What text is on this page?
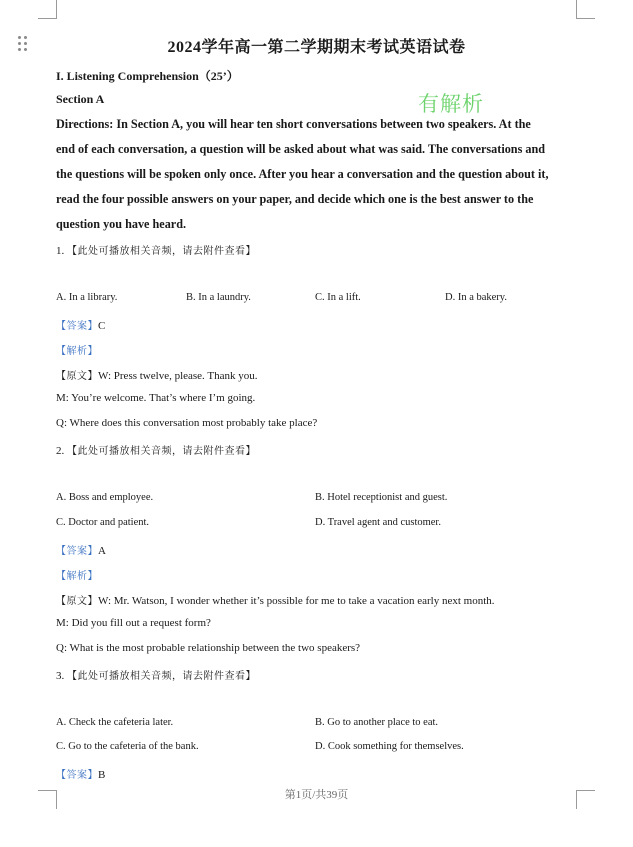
2024学年高一第二学期期末考试英语试卷
I. Listening Comprehension（25’）
Section A	有解析
Directions: In Section A, you will hear ten short conversations between two speakers. At the
end of each conversation, a question will be asked about what was said. The conversations and
the questions will be spoken only once. After you hear a conversation and the question about it,
read the four possible answers on your paper, and decide which one is the best answer to the
question you have heard.
1. 【此处可播放相关音频，请去附件查看】
A. In a library.	B. In a laundry.	C. In a lift.	D. In a bakery.
【答案】C
【解析】
【原文】W: Press twelve, please. Thank you.
M: You’re welcome. That’s where I’m going.
Q: Where does this conversation most probably take place?
2. 【此处可播放相关音频，请去附件查看】
A. Boss and employee.	B. Hotel receptionist and guest.
C. Doctor and patient.	D. Travel agent and customer.
【答案】A
【解析】
【原文】W: Mr. Watson, I wonder whether it’s possible for me to take a vacation early next month.
M: Did you fill out a request form?
Q: What is the most probable relationship between the two speakers?
3. 【此处可播放相关音频，请去附件查看】
A. Check the cafeteria later.	B. Go to another place to eat.
C. Go to the cafeteria of the bank.	D. Cook something for themselves.
【答案】B
第1页/共39页
